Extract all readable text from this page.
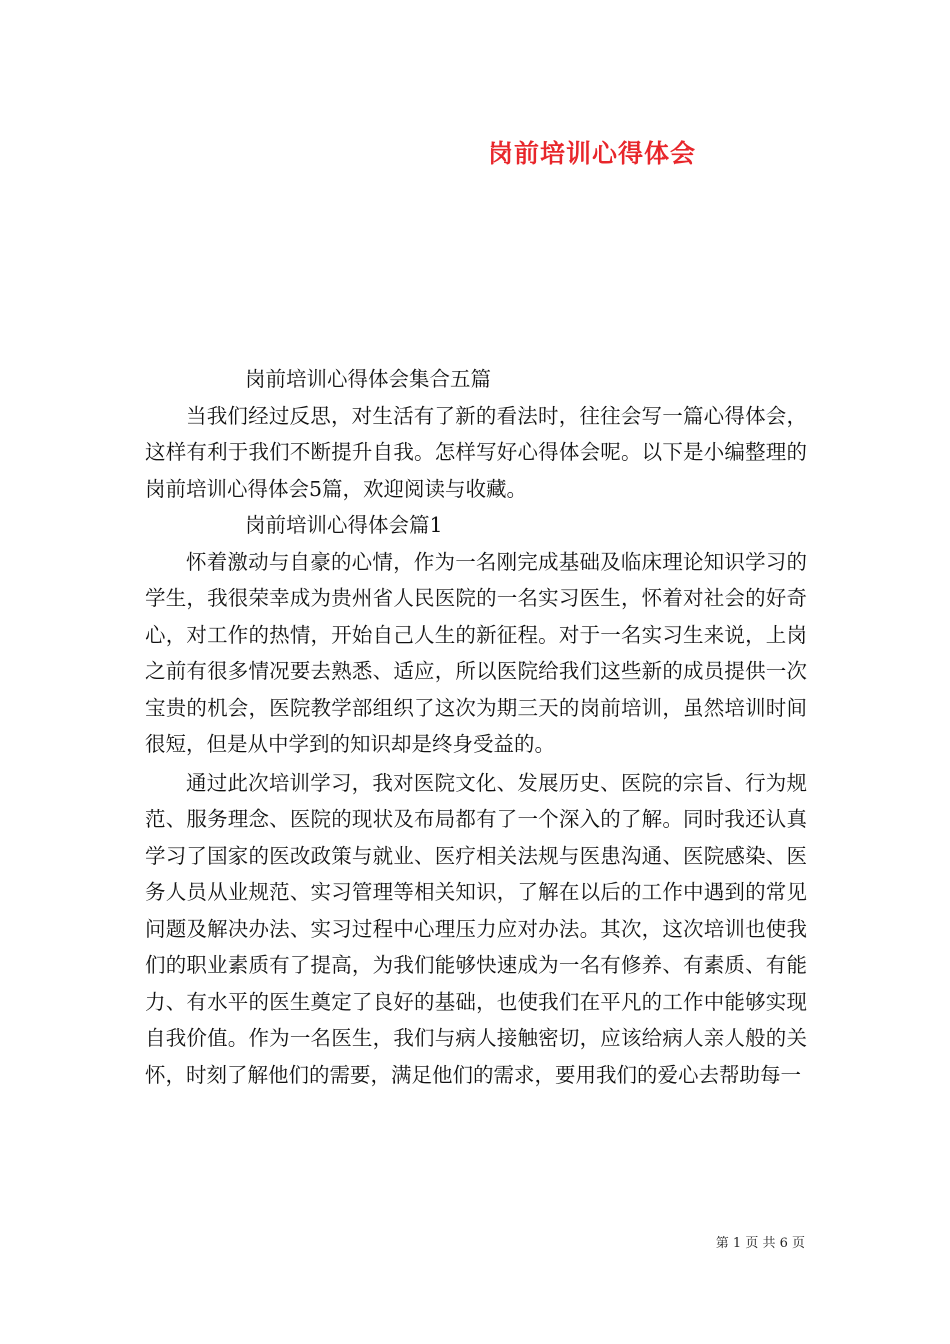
岗前培训心得体会

岗前培训心得体会集合五篇

当我们经过反思，对生活有了新的看法时，往往会写一篇心得体会，这样有利于我们不断提升自我。怎样写好心得体会呢。以下是小编整理的岗前培训心得体会5篇，欢迎阅读与收藏。

岗前培训心得体会篇1

怀着激动与自豪的心情，作为一名刚完成基础及临床理论知识学习的学生，我很荣幸成为贵州省人民医院的一名实习医生，怀着对社会的好奇心，对工作的热情，开始自己人生的新征程。对于一名实习生来说，上岗之前有很多情况要去熟悉、适应，所以医院给我们这些新的成员提供一次宝贵的机会，医院教学部组织了这次为期三天的岗前培训，虽然培训时间很短，但是从中学到的知识却是终身受益的。

通过此次培训学习，我对医院文化、发展历史、医院的宗旨、行为规范、服务理念、医院的现状及布局都有了一个深入的了解。同时我还认真学习了国家的医改政策与就业、医疗相关法规与医患沟通、医院感染、医务人员从业规范、实习管理等相关知识，了解在以后的工作中遇到的常见问题及解决办法、实习过程中心理压力应对办法。其次，这次培训也使我们的职业素质有了提高，为我们能够快速成为一名有修养、有素质、有能力、有水平的医生奠定了良好的基础，也使我们在平凡的工作中能够实现自我价值。作为一名医生，我们与病人接触密切，应该给病人亲人般的关怀，时刻了解他们的需要，满足他们的需求，要用我们的爱心去帮助每一

第 1 页 共 6 页
